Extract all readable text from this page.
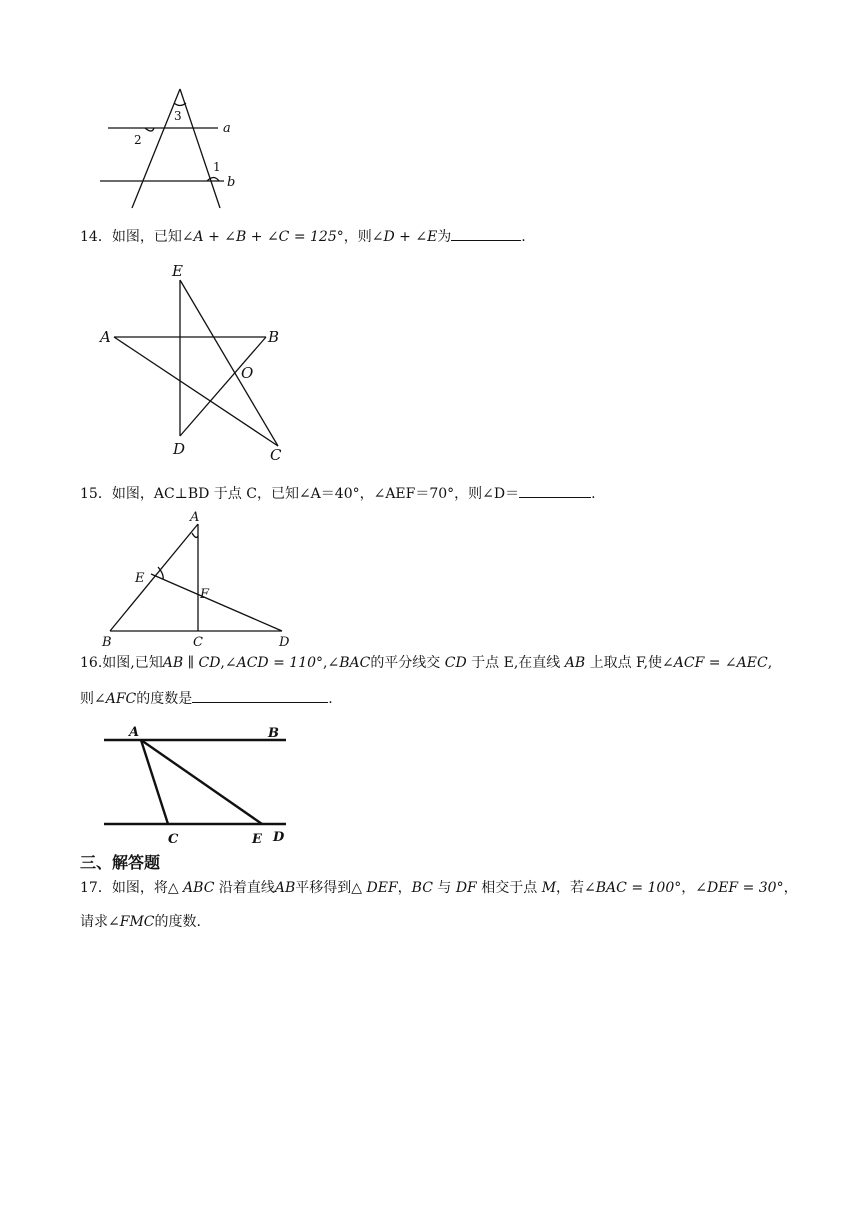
a
b
1
2
3
14．如图，已知∠A + ∠B + ∠C = 125°，则∠D + ∠E为	.
E
A	B
O
D	C
15．如图，AC⊥BD 于点 C，已知∠A＝40°，∠AEF＝70°，则∠D＝	.
A
E
F
B	C	D
16.如图,已知AB ∥ CD,∠ACD = 110°,∠BAC的平分线交 CD 于点 E,在直线 AB 上取点 F,使∠ACF = ∠AEC,
则∠AFC的度数是	.
A	B
C	E D
三、解答题
17．如图，将△ ABC 沿着直线AB平移得到△ DEF，BC 与 DF 相交于点 M，若∠BAC = 100°，∠DEF = 30°，
请求∠FMC的度数.
